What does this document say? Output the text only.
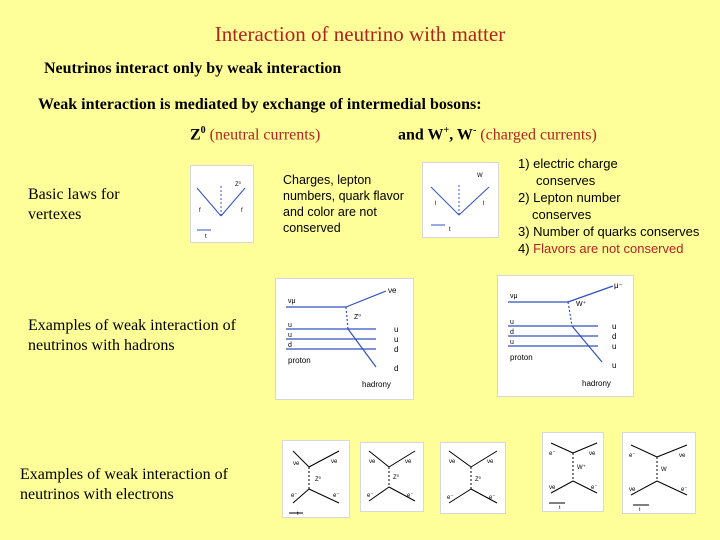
Interaction of neutrino with matter
Neutrinos interact only by weak interaction
Weak interaction is mediated by exchange of intermedial bosons:
$Z^0$ (neutral currents)	and W+, W- (charged currents)
Basic laws for vertexes
Z⁰
f	f
t
Charges, lepton numbers, quark flavor and color are not conserved
W
l	l
t
1) electric charge
conserves
2) Lepton number
conserves
3) Number of quarks conserves
4) Flavors are not conserved
Examples of weak interaction of neutrinos with hadrons
νμ
νe
Z⁰
u
u
d
u
u
d
d
proton
hadrony
νμ
μ⁻
W⁺
u
d
u
u
d
u
u
proton
hadrony
Examples of weak interaction of neutrinos with electrons
νe	νe
Z⁰
e⁻	e⁻
t
νe	νe
Z⁰
e⁻	e⁻
νe	νe
Z⁰
e⁻	e⁻
e⁻	νe
W⁺
νe	e⁻
t
e⁻	νe
W
νe	e⁻
t
